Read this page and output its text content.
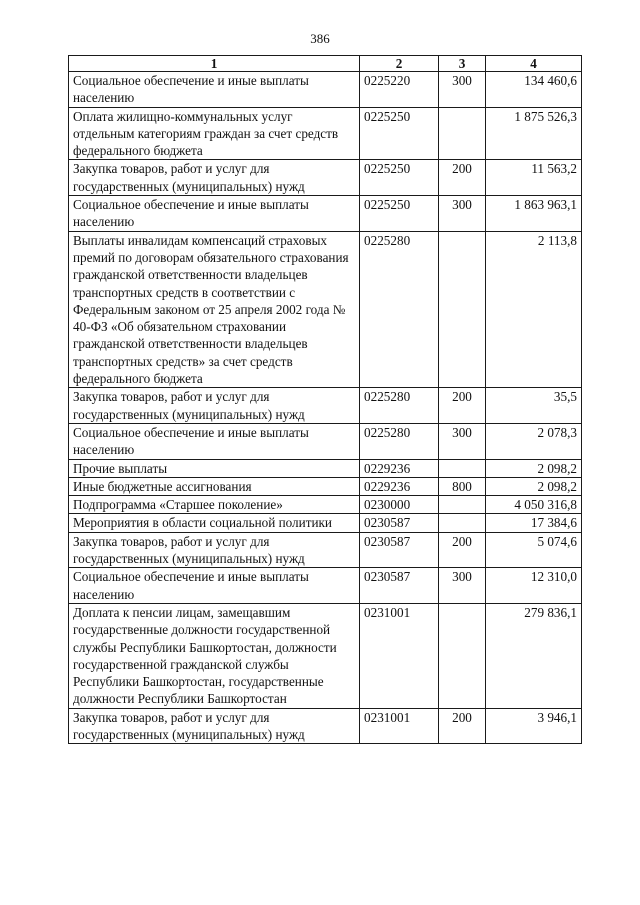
386
1	2	3	4
Социальное обеспечение и иные выплаты населению	0225220	300	134 460,6
Оплата жилищно-коммунальных услуг отдельным категориям граждан за счет средств федерального бюджета	0225250		1 875 526,3
Закупка товаров, работ и услуг для государственных (муниципальных) нужд	0225250	200	11 563,2
Социальное обеспечение и иные выплаты населению	0225250	300	1 863 963,1
Выплаты инвалидам компенсаций страховых премий по договорам обязательного страхования гражданской ответственности владельцев транспортных средств в соответствии с Федеральным законом от 25 апреля 2002 года № 40-ФЗ «Об обязательном страховании гражданской ответственности владельцев транспортных средств» за счет средств федерального бюджета	0225280		2 113,8
Закупка товаров, работ и услуг для государственных (муниципальных) нужд	0225280	200	35,5
Социальное обеспечение и иные выплаты населению	0225280	300	2 078,3
Прочие выплаты	0229236		2 098,2
Иные бюджетные ассигнования	0229236	800	2 098,2
Подпрограмма «Старшее поколение»	0230000		4 050 316,8
Мероприятия в области социальной политики	0230587		17 384,6
Закупка товаров, работ и услуг для государственных (муниципальных) нужд	0230587	200	5 074,6
Социальное обеспечение и иные выплаты населению	0230587	300	12 310,0
Доплата к пенсии лицам, замещавшим государственные должности государственной службы Республики Башкортостан, должности государственной гражданской службы Республики Башкортостан, государственные должности Республики Башкортостан	0231001		279 836,1
Закупка товаров, работ и услуг для государственных (муниципальных) нужд	0231001	200	3 946,1
